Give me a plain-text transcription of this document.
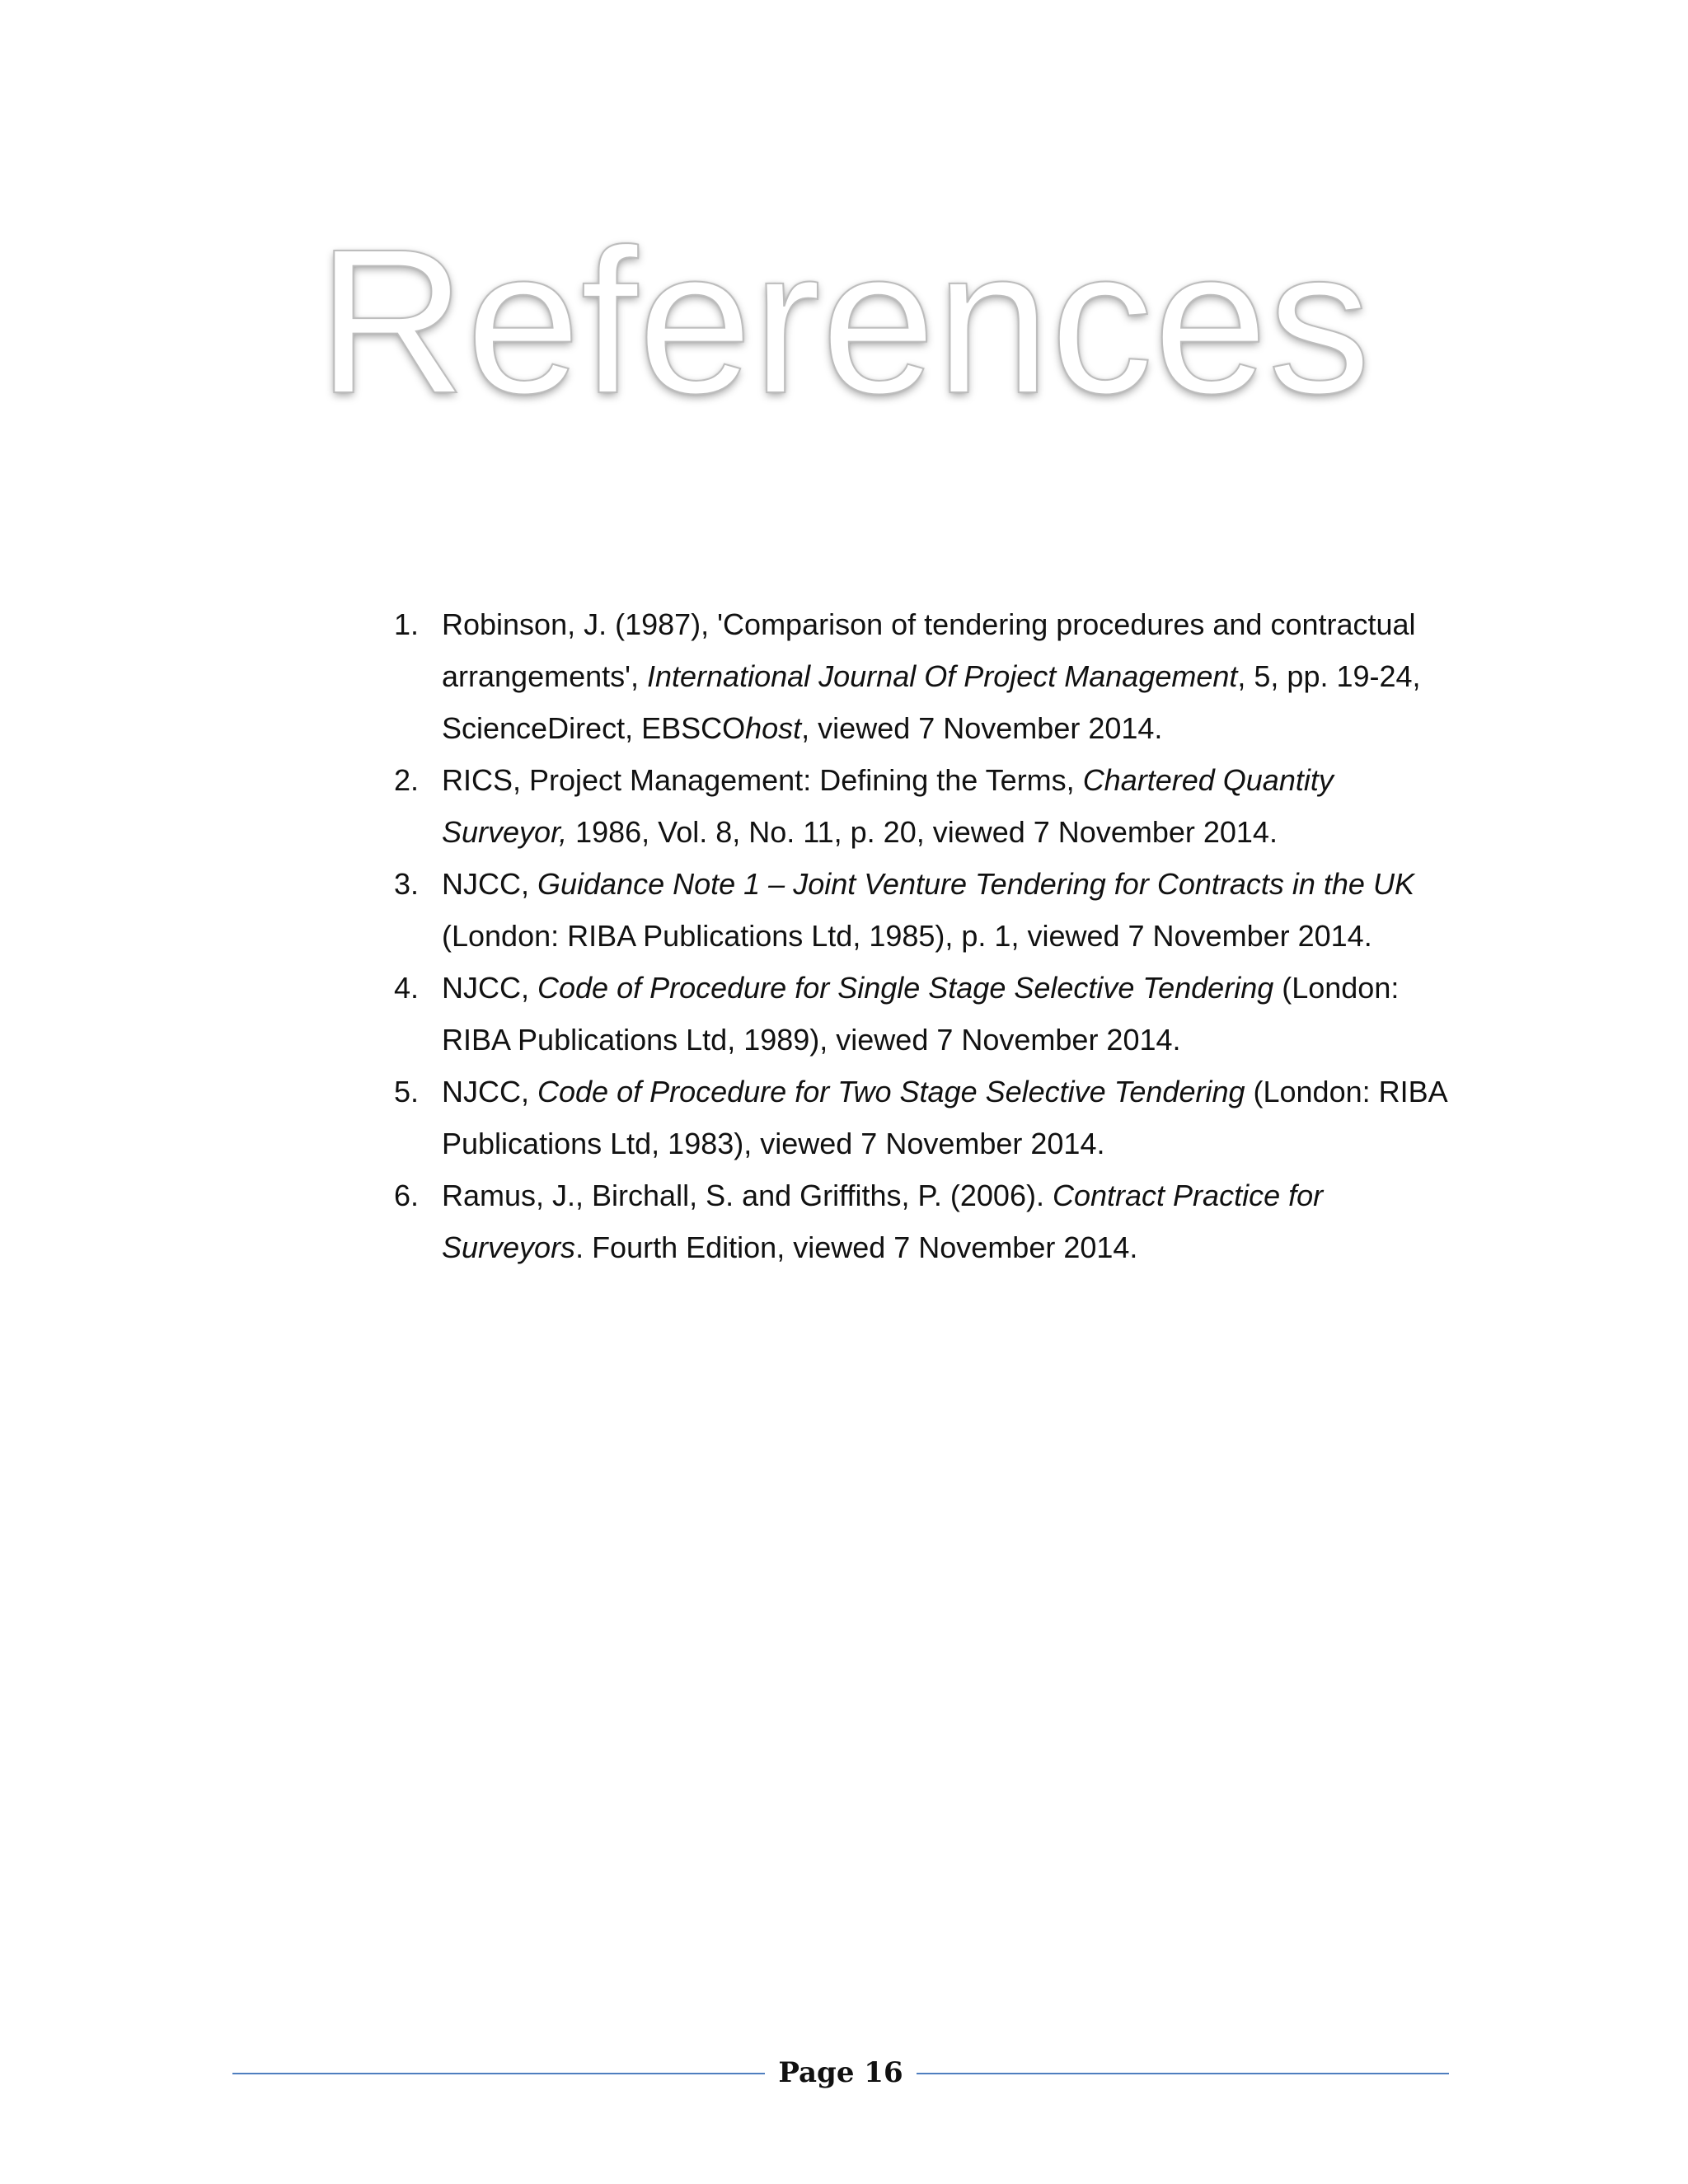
References
1. Robinson, J. (1987), 'Comparison of tendering procedures and contractual arrangements', International Journal Of Project Management, 5, pp. 19-24, ScienceDirect, EBSCOhost, viewed 7 November 2014.
2. RICS, Project Management: Defining the Terms, Chartered Quantity Surveyor, 1986, Vol. 8, No. 11, p. 20, viewed 7 November 2014.
3. NJCC, Guidance Note 1 – Joint Venture Tendering for Contracts in the UK (London: RIBA Publications Ltd, 1985), p. 1, viewed 7 November 2014.
4. NJCC, Code of Procedure for Single Stage Selective Tendering (London: RIBA Publications Ltd, 1989), viewed 7 November 2014.
5. NJCC, Code of Procedure for Two Stage Selective Tendering (London: RIBA Publications Ltd, 1983), viewed 7 November 2014.
6. Ramus, J., Birchall, S. and Griffiths, P. (2006). Contract Practice for Surveyors. Fourth Edition, viewed 7 November 2014.
Page 16
